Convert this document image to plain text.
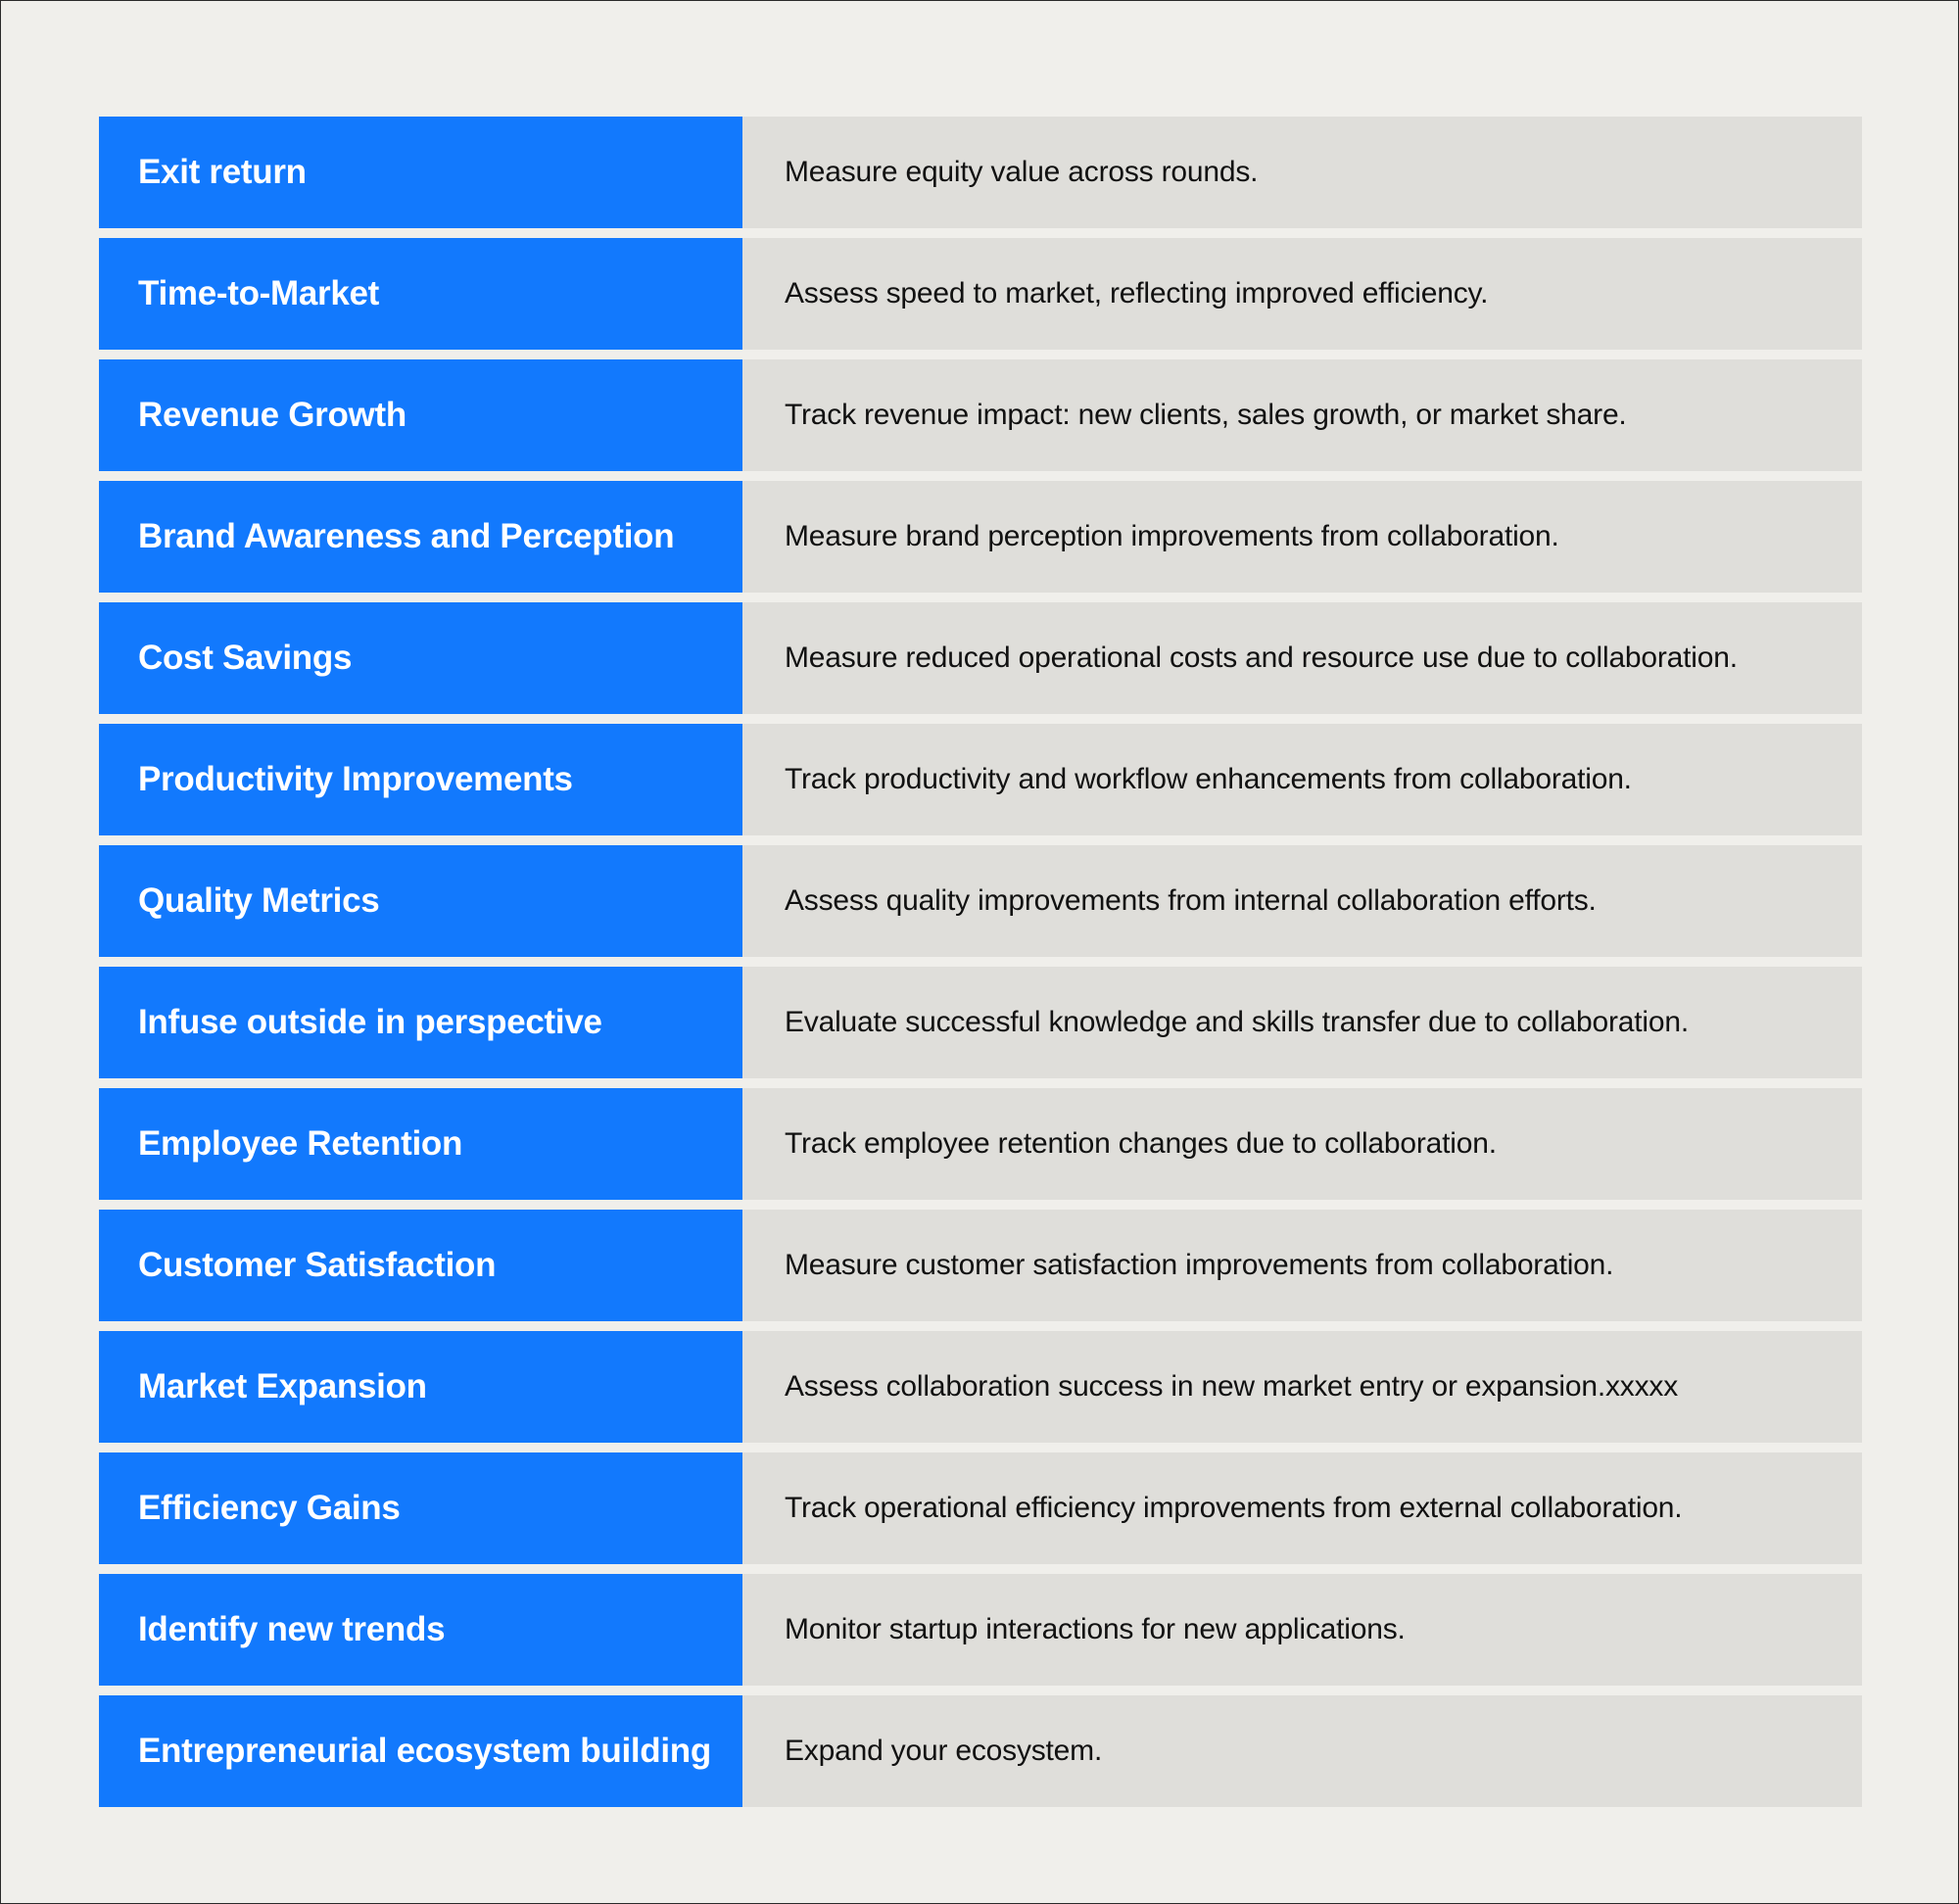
Exit return	Measure equity value across rounds.
Time-to-Market	Assess speed to market, reflecting improved efficiency.
Revenue Growth	Track revenue impact: new clients, sales growth, or market share.
Brand Awareness and Perception	Measure brand perception improvements from collaboration.
Cost Savings	Measure reduced operational costs and resource use due to collaboration.
Productivity Improvements	Track productivity and workflow enhancements from collaboration.
Quality Metrics	Assess quality improvements from internal collaboration efforts.
Infuse outside in perspective	Evaluate successful knowledge and skills transfer due to collaboration.
Employee Retention	Track employee retention changes due to collaboration.
Customer Satisfaction	Measure customer satisfaction improvements from collaboration.
Market Expansion	Assess collaboration success in new market entry or expansion.xxxxx
Efficiency Gains	Track operational efficiency improvements from external collaboration.
Identify new trends	Monitor startup interactions for new applications.
Entrepreneurial ecosystem building	Expand your ecosystem.
